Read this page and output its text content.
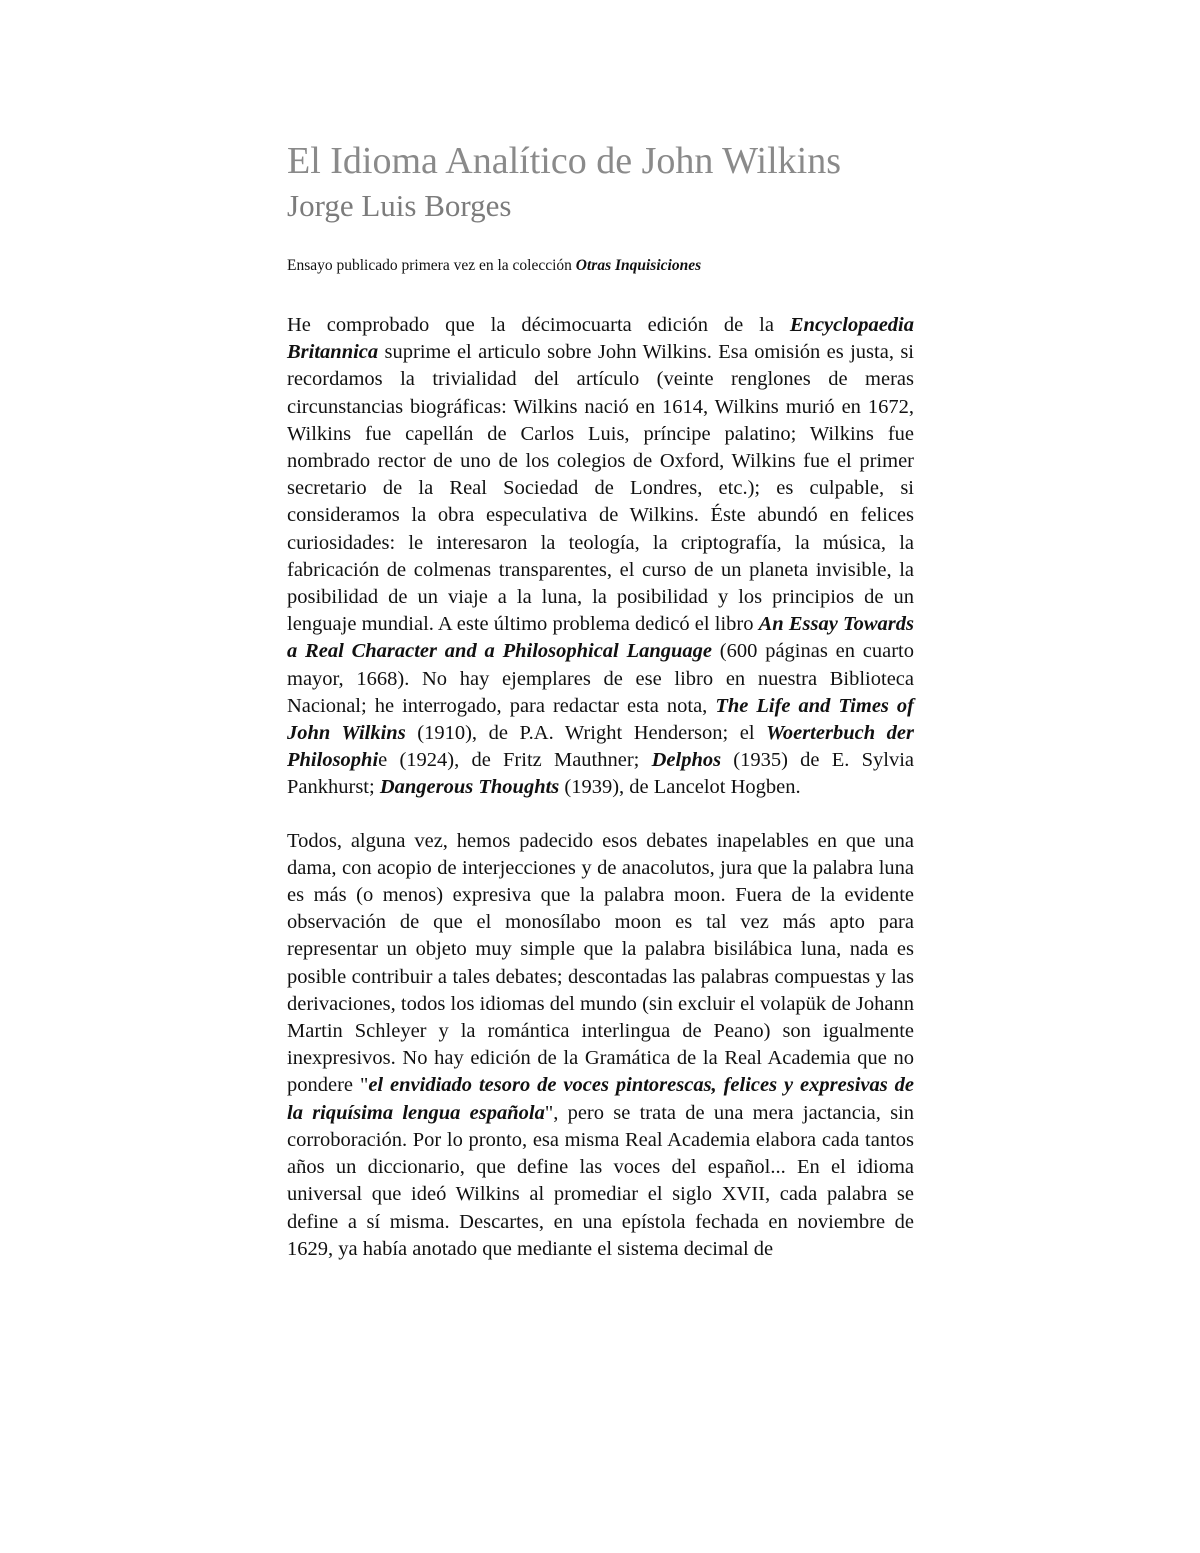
El Idioma Analítico de John Wilkins
Jorge Luis Borges

Ensayo publicado primera vez en la colección Otras Inquisiciones

He comprobado que la décimocuarta edición de la Encyclopaedia Britannica suprime el articulo sobre John Wilkins. Esa omisión es justa, si recordamos la trivialidad del artículo (veinte renglones de meras circunstancias biográficas: Wilkins nació en 1614, Wilkins murió en 1672, Wilkins fue capellán de Carlos Luis, príncipe palatino; Wilkins fue nombrado rector de uno de los colegios de Oxford, Wilkins fue el primer secretario de la Real Sociedad de Londres, etc.); es culpable, si consideramos la obra especulativa de Wilkins. Éste abundó en felices curiosidades: le interesaron la teología, la criptografía, la música, la fabricación de colmenas transparentes, el curso de un planeta invisible, la posibilidad de un viaje a la luna, la posibilidad y los principios de un lenguaje mundial. A este último problema dedicó el libro An Essay Towards a Real Character and a Philosophical Language (600 páginas en cuarto mayor, 1668). No hay ejemplares de ese libro en nuestra Biblioteca Nacional; he interrogado, para redactar esta nota, The Life and Times of John Wilkins (1910), de P.A. Wright Henderson; el Woerterbuch der Philosophie (1924), de Fritz Mauthner; Delphos (1935) de E. Sylvia Pankhurst; Dangerous Thoughts (1939), de Lancelot Hogben.

Todos, alguna vez, hemos padecido esos debates inapelables en que una dama, con acopio de interjecciones y de anacolutos, jura que la palabra luna es más (o menos) expresiva que la palabra moon. Fuera de la evidente observación de que el monosílabo moon es tal vez más apto para representar un objeto muy simple que la palabra bisilábica luna, nada es posible contribuir a tales debates; descontadas las palabras compuestas y las derivaciones, todos los idiomas del mundo (sin excluir el volapük de Johann Martin Schleyer y la romántica interlingua de Peano) son igualmente inexpresivos. No hay edición de la Gramática de la Real Academia que no pondere "el envidiado tesoro de voces pintorescas, felices y expresivas de la riquísima lengua española", pero se trata de una mera jactancia, sin corroboración. Por lo pronto, esa misma Real Academia elabora cada tantos años un diccionario, que define las voces del español... En el idioma universal que ideó Wilkins al promediar el siglo XVII, cada palabra se define a sí misma. Descartes, en una epístola fechada en noviembre de 1629, ya había anotado que mediante el sistema decimal de
